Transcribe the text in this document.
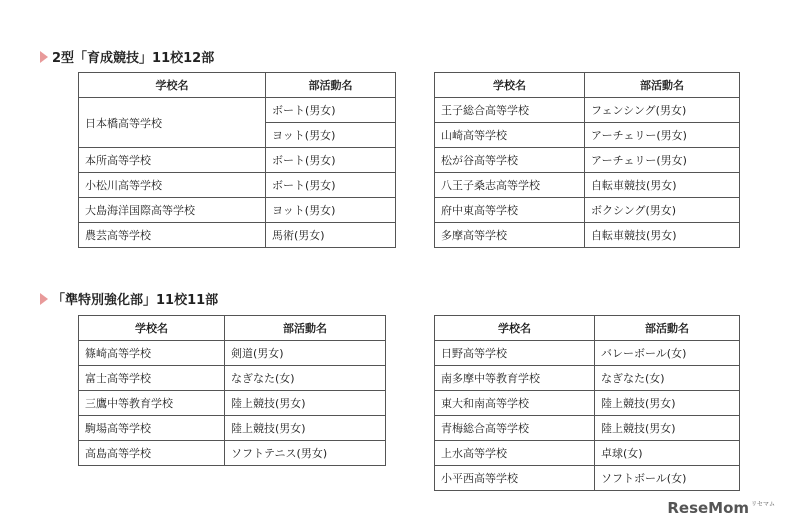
2型「育成競技」11校12部
学校名	部活動名
日本橋高等学校	ボート(男女)
	ヨット(男女)
本所高等学校	ボート(男女)
小松川高等学校	ボート(男女)
大島海洋国際高等学校	ヨット(男女)
農芸高等学校	馬術(男女)
学校名	部活動名
王子総合高等学校	フェンシング(男女)
山崎高等学校	アーチェリー(男女)
松が谷高等学校	アーチェリー(男女)
八王子桑志高等学校	自転車競技(男女)
府中東高等学校	ボクシング(男女)
多摩高等学校	自転車競技(男女)
「準特別強化部」11校11部
学校名	部活動名
篠崎高等学校	剣道(男女)
富士高等学校	なぎなた(女)
三鷹中等教育学校	陸上競技(男女)
駒場高等学校	陸上競技(男女)
高島高等学校	ソフトテニス(男女)
学校名	部活動名
日野高等学校	バレーボール(女)
南多摩中等教育学校	なぎなた(女)
東大和南高等学校	陸上競技(男女)
青梅総合高等学校	陸上競技(男女)
上水高等学校	卓球(女)
小平西高等学校	ソフトボール(女)
ReseMom $^{リセマム}$
